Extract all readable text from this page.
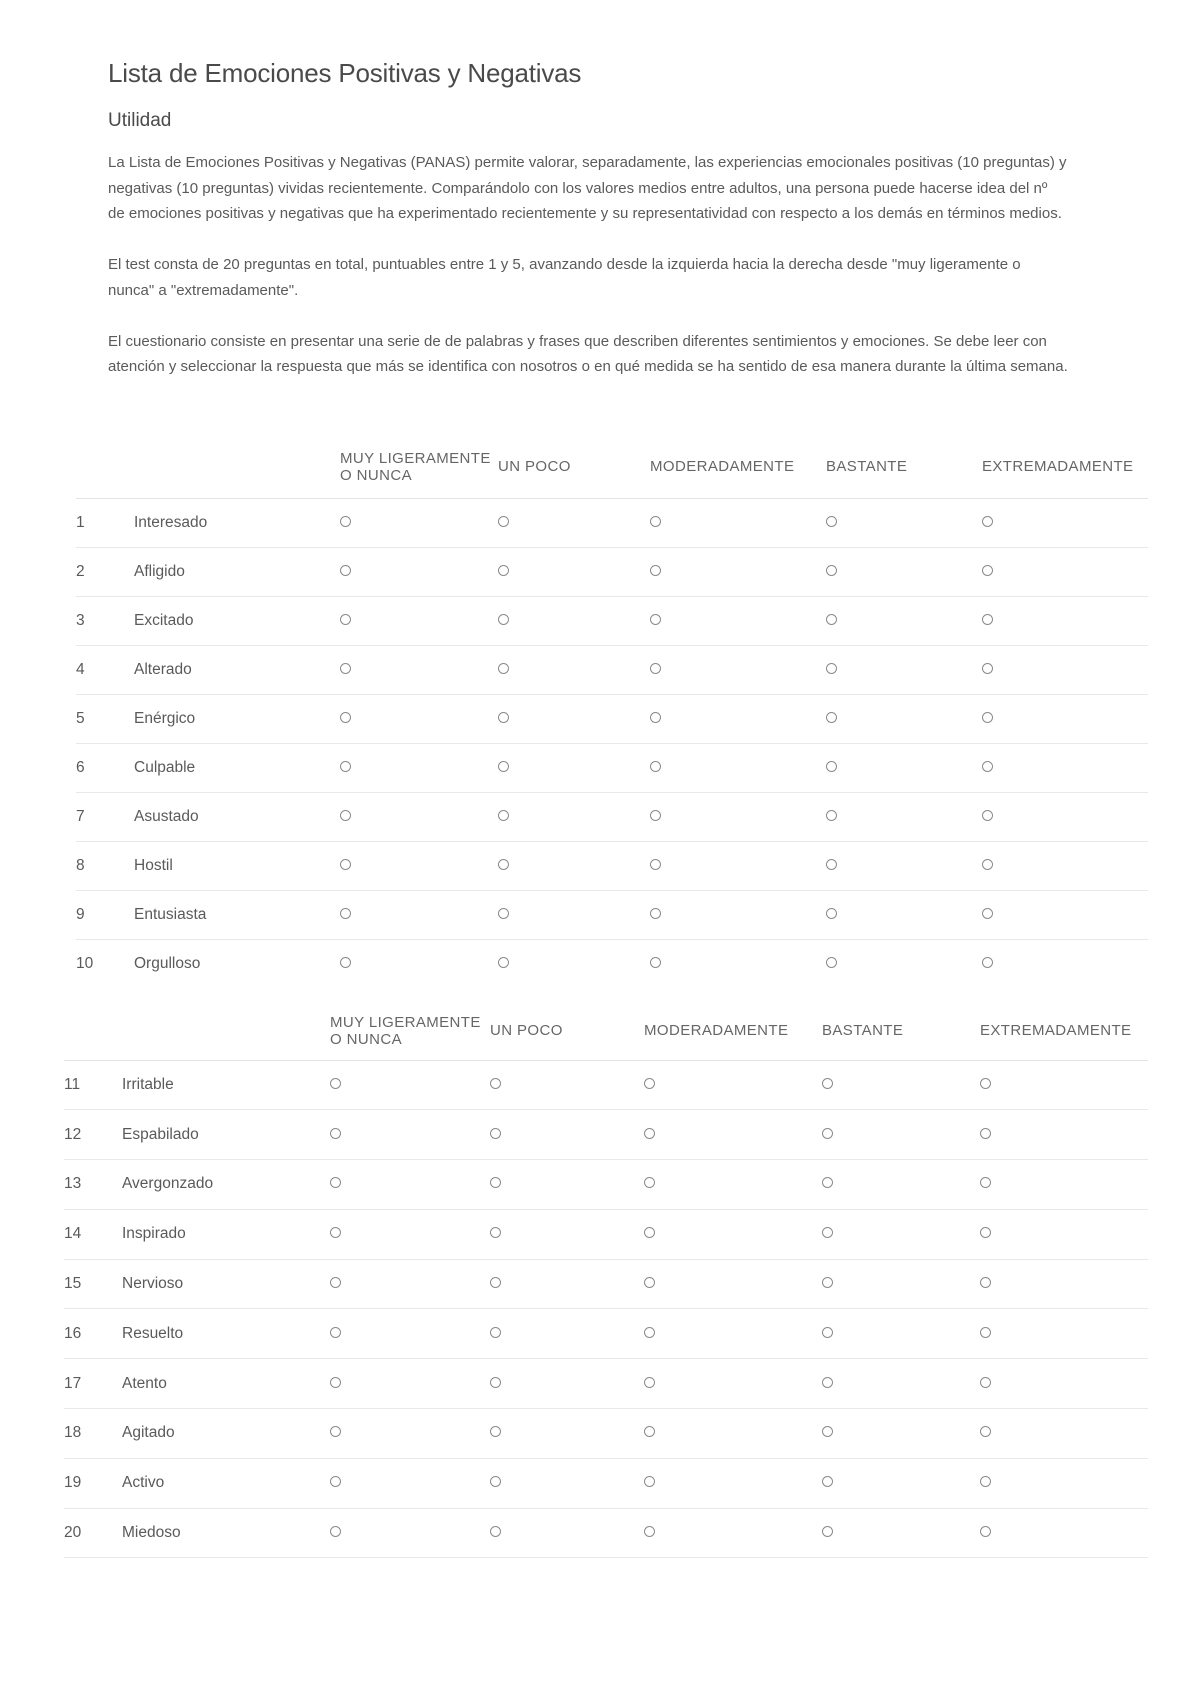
Lista de Emociones Positivas y Negativas
Utilidad

La Lista de Emociones Positivas y Negativas (PANAS) permite valorar, separadamente, las experiencias emocionales positivas (10 preguntas) y negativas (10 preguntas) vividas recientemente. Comparándolo con los valores medios entre adultos, una persona puede hacerse idea del nº de emociones positivas y negativas que ha experimentado recientemente y su representatividad con respecto a los demás en términos medios.

El test consta de 20 preguntas en total, puntuables entre 1 y 5, avanzando desde la izquierda hacia la derecha desde "muy ligeramente o nunca" a "extremadamente".

El cuestionario consiste en presentar una serie de de palabras y frases que describen diferentes sentimientos y emociones. Se debe leer con atención y seleccionar la respuesta que más se identifica con nosotros o en qué medida se ha sentido de esa manera durante la última semana.

		MUY LIGERAMENTE O NUNCA	UN POCO	MODERADAMENTE	BASTANTE	EXTREMADAMENTE
1	Interesado					
2	Afligido					
3	Excitado					
4	Alterado					
5	Enérgico					
6	Culpable					
7	Asustado					
8	Hostil					
9	Entusiasta					
10	Orgulloso					
		MUY LIGERAMENTE O NUNCA	UN POCO	MODERADAMENTE	BASTANTE	EXTREMADAMENTE
11	Irritable					
12	Espabilado					
13	Avergonzado					
14	Inspirado					
15	Nervioso					
16	Resuelto					
17	Atento					
18	Agitado					
19	Activo					
20	Miedoso					
